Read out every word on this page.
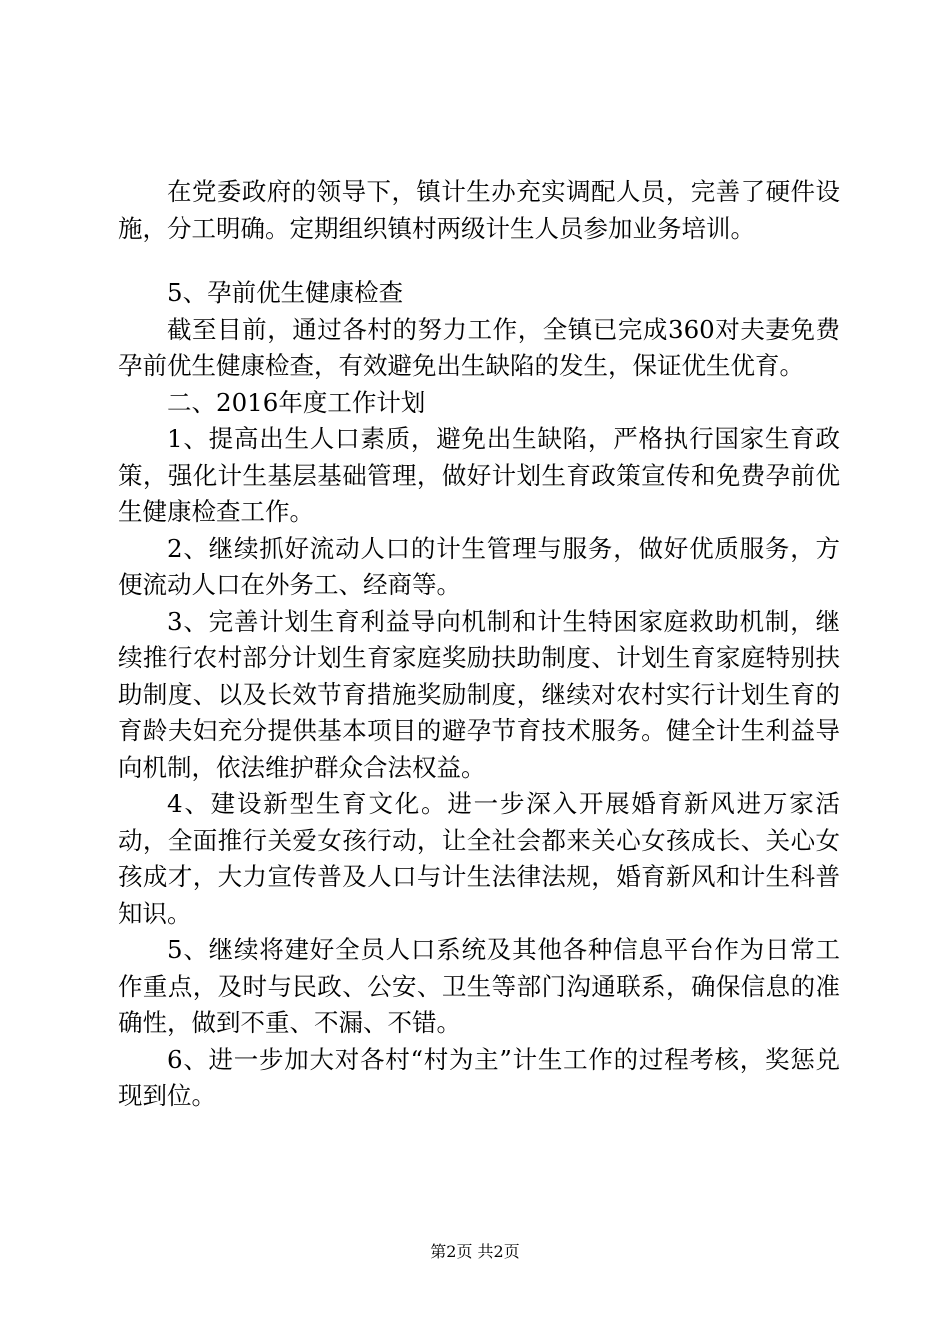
在党委政府的领导下，镇计生办充实调配人员，完善了硬件设施，分工明确。定期组织镇村两级计生人员参加业务培训。

5、孕前优生健康检查

截至目前，通过各村的努力工作，全镇已完成360对夫妻免费孕前优生健康检查，有效避免出生缺陷的发生，保证优生优育。

二、2016年度工作计划

1、提高出生人口素质，避免出生缺陷，严格执行国家生育政策，强化计生基层基础管理，做好计划生育政策宣传和免费孕前优生健康检查工作。

2、继续抓好流动人口的计生管理与服务，做好优质服务，方便流动人口在外务工、经商等。

3、完善计划生育利益导向机制和计生特困家庭救助机制，继续推行农村部分计划生育家庭奖励扶助制度、计划生育家庭特别扶助制度、以及长效节育措施奖励制度，继续对农村实行计划生育的育龄夫妇充分提供基本项目的避孕节育技术服务。健全计生利益导向机制，依法维护群众合法权益。

4、建设新型生育文化。进一步深入开展婚育新风进万家活动，全面推行关爱女孩行动，让全社会都来关心女孩成长、关心女孩成才，大力宣传普及人口与计生法律法规，婚育新风和计生科普知识。

5、继续将建好全员人口系统及其他各种信息平台作为日常工作重点，及时与民政、公安、卫生等部门沟通联系，确保信息的准确性，做到不重、不漏、不错。

6、进一步加大对各村“村为主”计生工作的过程考核，奖惩兑现到位。

第2页 共2页
